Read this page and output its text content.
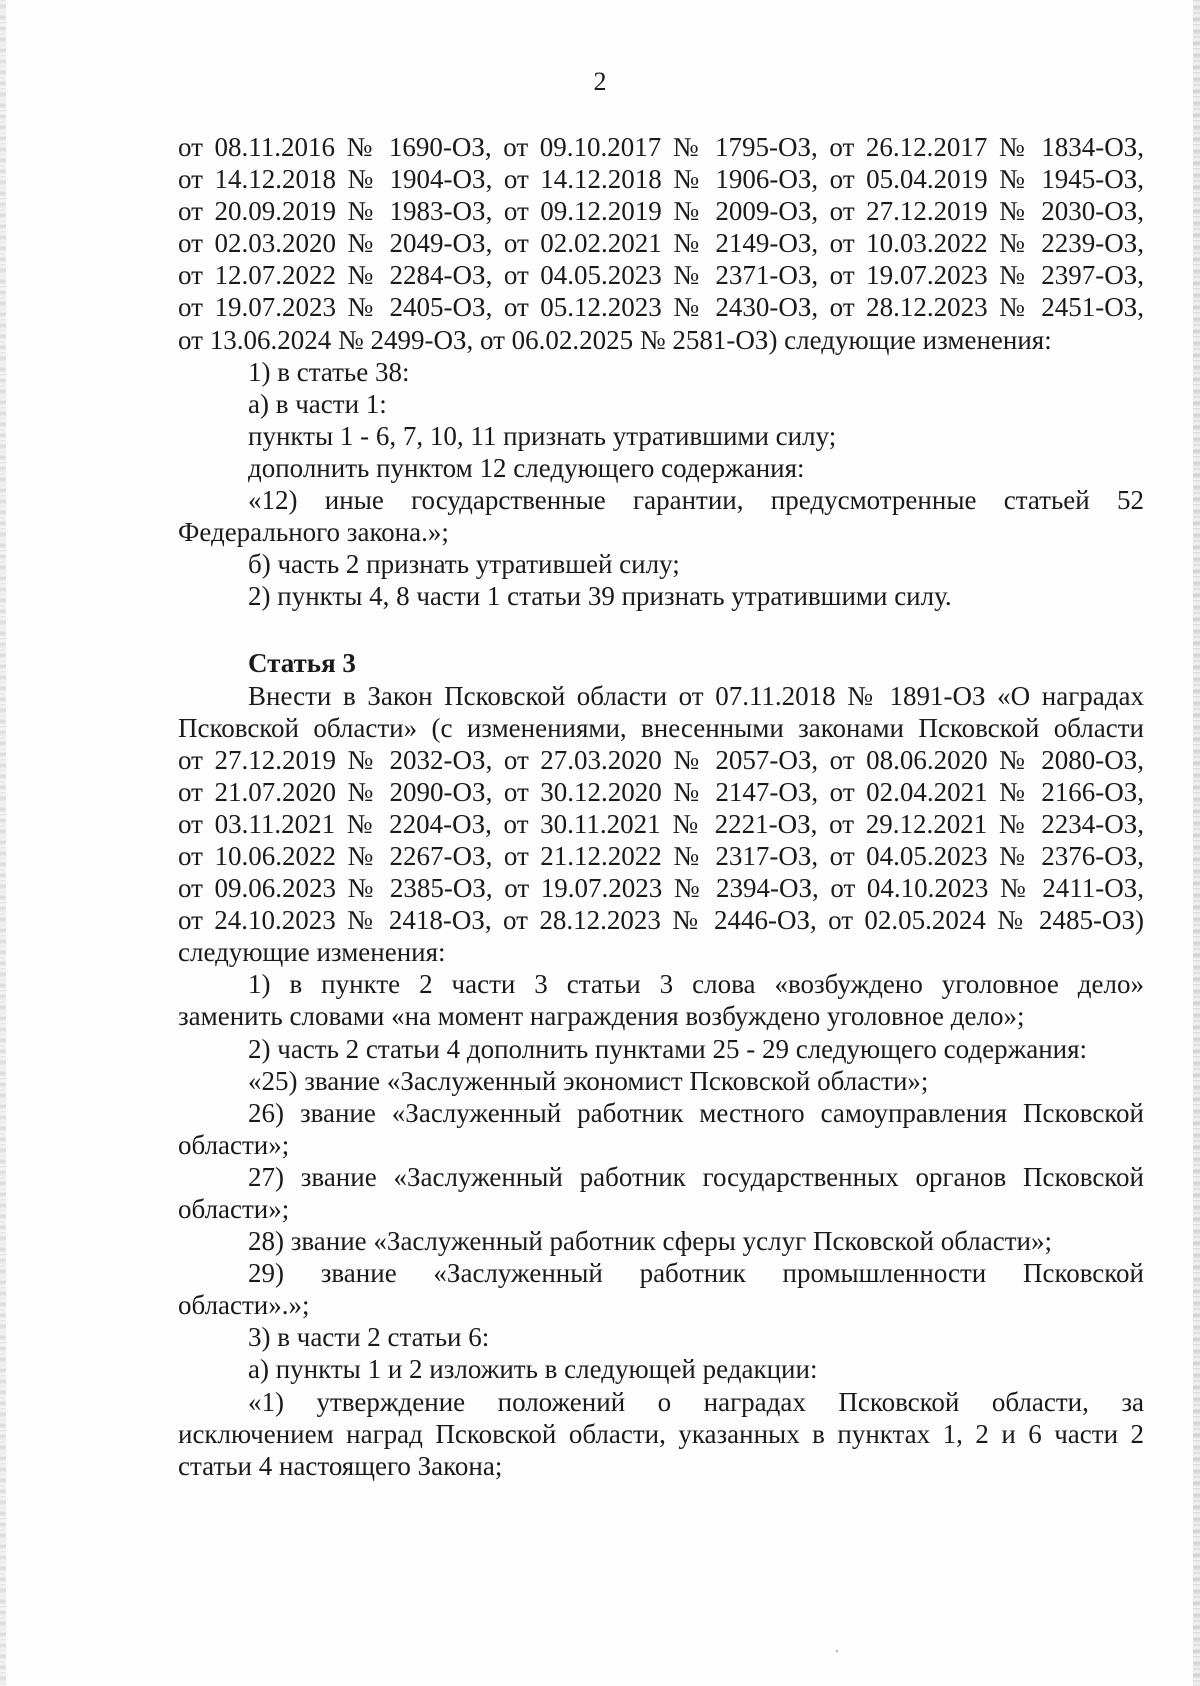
2
от 08.11.2016 № 1690-ОЗ, от 09.10.2017 № 1795-ОЗ, от 26.12.2017 № 1834-ОЗ,
от 14.12.2018 № 1904-ОЗ, от 14.12.2018 № 1906-ОЗ, от 05.04.2019 № 1945-ОЗ,
от 20.09.2019 № 1983-ОЗ, от 09.12.2019 № 2009-ОЗ, от 27.12.2019 № 2030-ОЗ,
от 02.03.2020 № 2049-ОЗ, от 02.02.2021 № 2149-ОЗ, от 10.03.2022 № 2239-ОЗ,
от 12.07.2022 № 2284-ОЗ, от 04.05.2023 № 2371-ОЗ, от 19.07.2023 № 2397-ОЗ,
от 19.07.2023 № 2405-ОЗ, от 05.12.2023 № 2430-ОЗ, от 28.12.2023 № 2451-ОЗ,
от 13.06.2024 № 2499-ОЗ, от 06.02.2025 № 2581-ОЗ) следующие изменения:
1) в статье 38:
а) в части 1:
пункты 1 - 6, 7, 10, 11 признать утратившими силу;
дополнить пунктом 12 следующего содержания:
«12) иные государственные гарантии, предусмотренные статьей 52
Федерального закона.»;
б) часть 2 признать утратившей силу;
2) пункты 4, 8 части 1 статьи 39 признать утратившими силу.
Статья 3
Внести в Закон Псковской области от 07.11.2018 № 1891-ОЗ «О наградах
Псковской области» (с изменениями, внесенными законами Псковской области
от 27.12.2019 № 2032-ОЗ, от 27.03.2020 № 2057-ОЗ, от 08.06.2020 № 2080-ОЗ,
от 21.07.2020 № 2090-ОЗ, от 30.12.2020 № 2147-ОЗ, от 02.04.2021 № 2166-ОЗ,
от 03.11.2021 № 2204-ОЗ, от 30.11.2021 № 2221-ОЗ, от 29.12.2021 № 2234-ОЗ,
от 10.06.2022 № 2267-ОЗ, от 21.12.2022 № 2317-ОЗ, от 04.05.2023 № 2376-ОЗ,
от 09.06.2023 № 2385-ОЗ, от 19.07.2023 № 2394-ОЗ, от 04.10.2023 № 2411-ОЗ,
от 24.10.2023 № 2418-ОЗ, от 28.12.2023 № 2446-ОЗ, от 02.05.2024 № 2485-ОЗ)
следующие изменения:
1) в пункте 2 части 3 статьи 3 слова «возбуждено уголовное дело»
заменить словами «на момент награждения возбуждено уголовное дело»;
2) часть 2 статьи 4 дополнить пунктами 25 - 29 следующего содержания:
«25) звание «Заслуженный экономист Псковской области»;
26) звание «Заслуженный работник местного самоуправления Псковской
области»;
27) звание «Заслуженный работник государственных органов Псковской
области»;
28) звание «Заслуженный работник сферы услуг Псковской области»;
29) звание «Заслуженный работник промышленности Псковской
области».»;
3) в части 2 статьи 6:
а) пункты 1 и 2 изложить в следующей редакции:
«1) утверждение положений о наградах Псковской области, за
исключением наград Псковской области, указанных в пунктах 1, 2 и 6 части 2
статьи 4 настоящего Закона;
